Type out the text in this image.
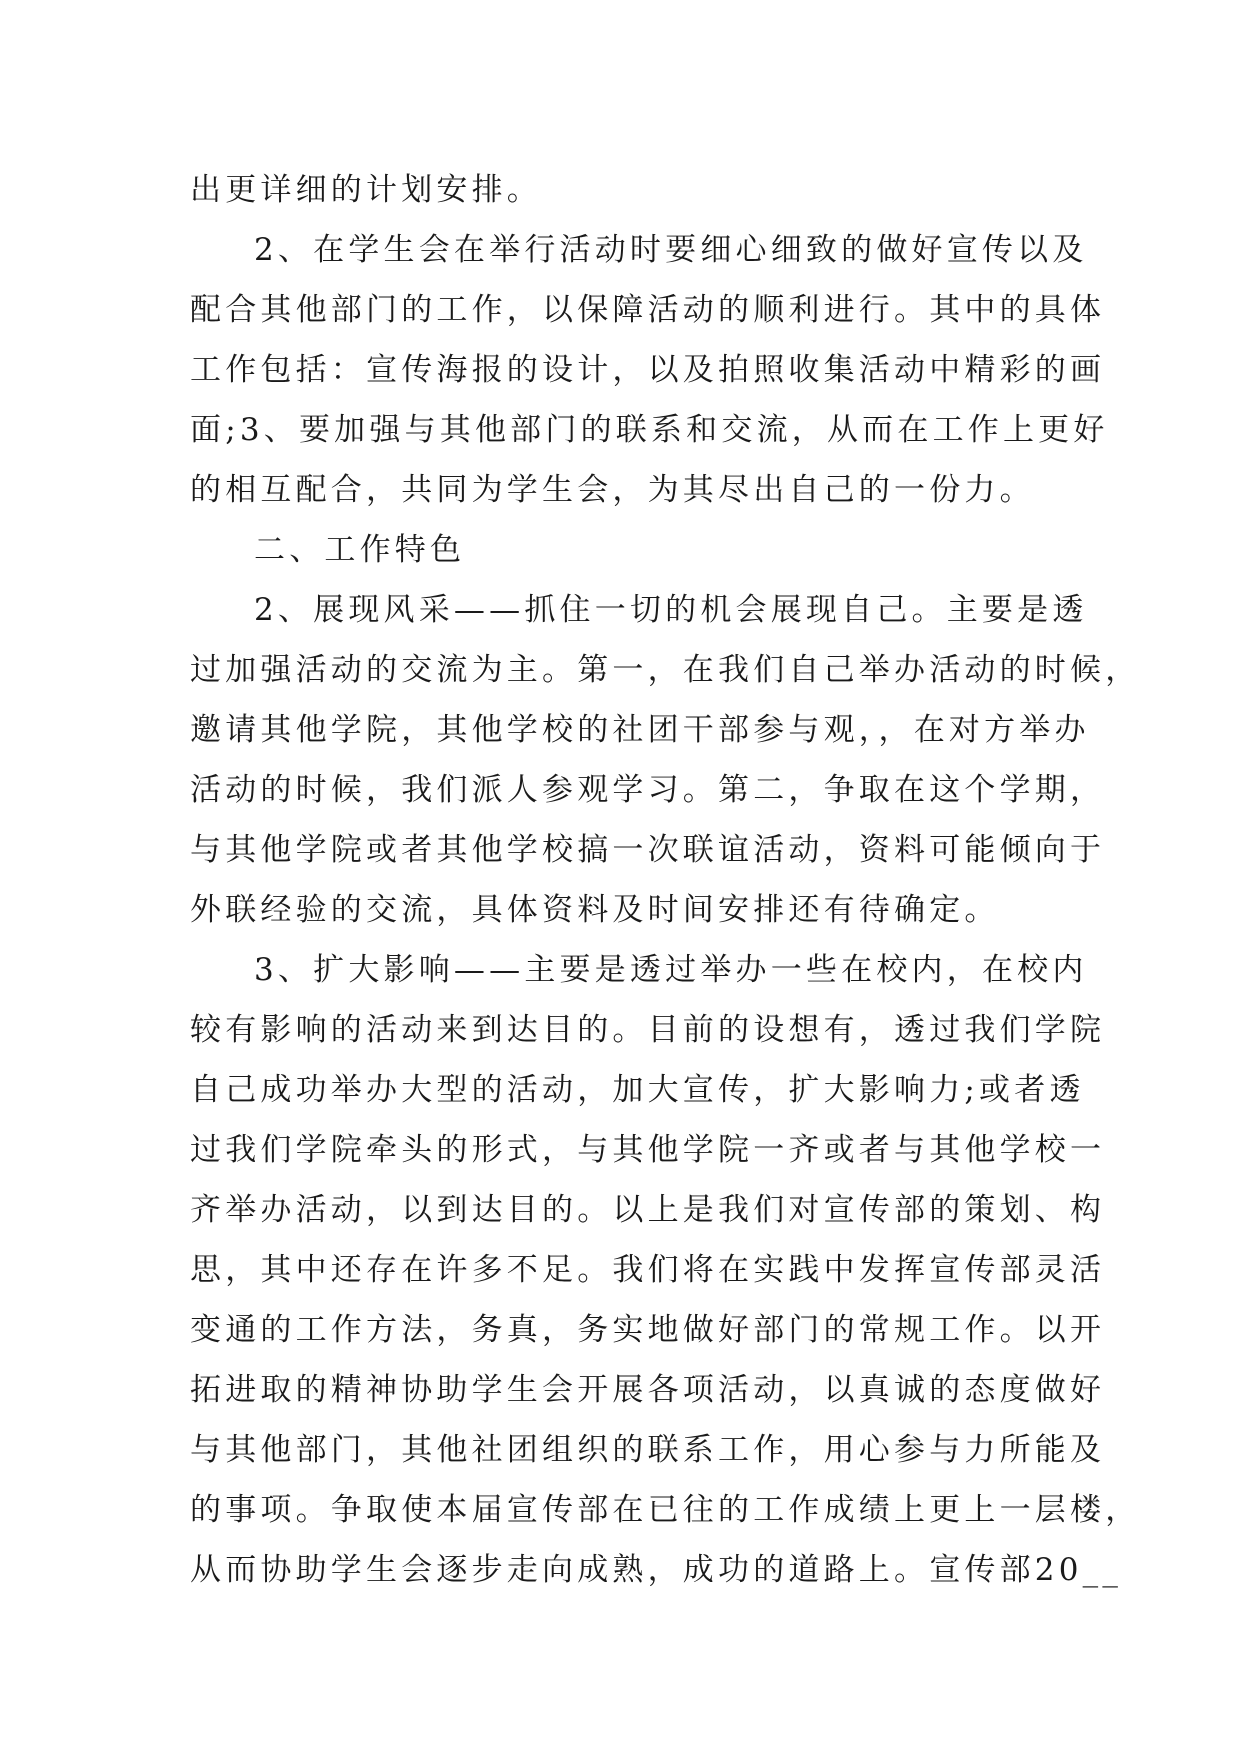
出更详细的计划安排。
2、在学生会在举行活动时要细心细致的做好宣传以及
配合其他部门的工作，以保障活动的顺利进行。其中的具体
工作包括：宣传海报的设计，以及拍照收集活动中精彩的画
面;3、要加强与其他部门的联系和交流，从而在工作上更好
的相互配合，共同为学生会，为其尽出自己的一份力。
二、工作特色
2、展现风采——抓住一切的机会展现自己。主要是透
过加强活动的交流为主。第一，在我们自己举办活动的时候，
邀请其他学院，其他学校的社团干部参与观，，在对方举办
活动的时候，我们派人参观学习。第二，争取在这个学期，
与其他学院或者其他学校搞一次联谊活动，资料可能倾向于
外联经验的交流，具体资料及时间安排还有待确定。
3、扩大影响——主要是透过举办一些在校内，在校内
较有影响的活动来到达目的。目前的设想有，透过我们学院
自己成功举办大型的活动，加大宣传，扩大影响力;或者透
过我们学院牵头的形式，与其他学院一齐或者与其他学校一
齐举办活动，以到达目的。以上是我们对宣传部的策划、构
思，其中还存在许多不足。我们将在实践中发挥宣传部灵活
变通的工作方法，务真，务实地做好部门的常规工作。以开
拓进取的精神协助学生会开展各项活动，以真诚的态度做好
与其他部门，其他社团组织的联系工作，用心参与力所能及
的事项。争取使本届宣传部在已往的工作成绩上更上一层楼，
从而协助学生会逐步走向成熟，成功的道路上。宣传部20__
